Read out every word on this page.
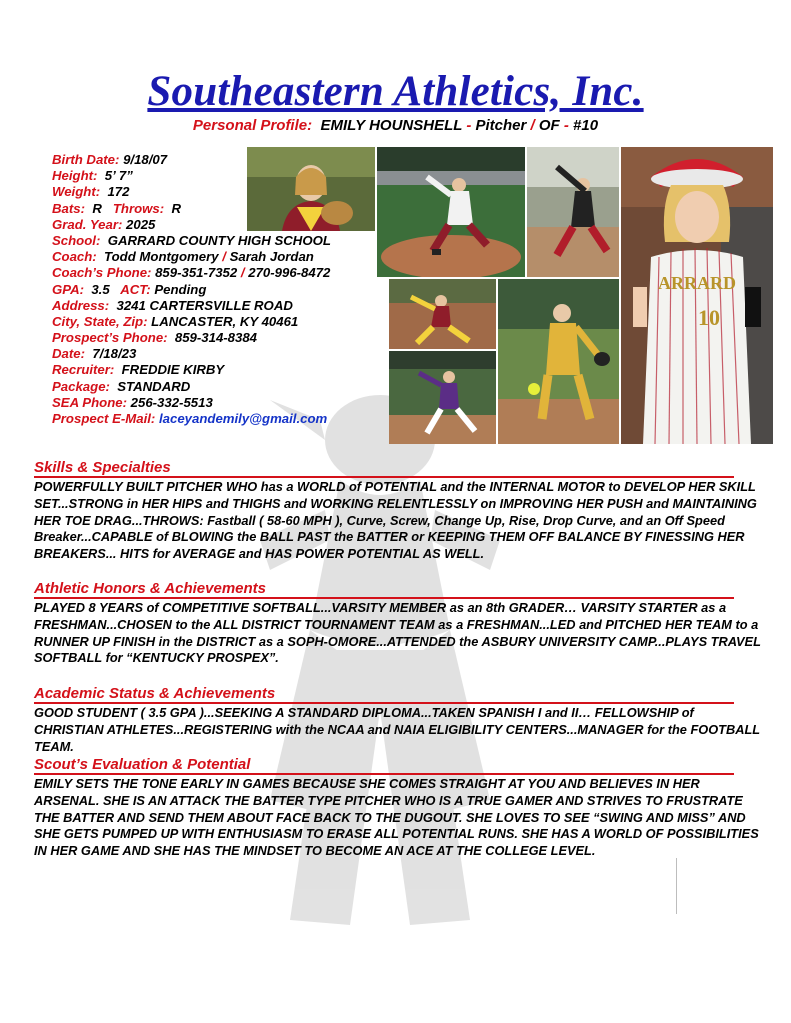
Southeastern Athletics, Inc.
Personal Profile: EMILY HOUNSHELL - Pitcher / OF - #10
Birth Date: 9/18/07
Height: 5’ 7”
Weight: 172
Bats: R Throws: R
Grad. Year: 2025
School: GARRARD COUNTY HIGH SCHOOL
Coach: Todd Montgomery / Sarah Jordan
Coach’s Phone: 859-351-7352 / 270-996-8472
GPA: 3.5 ACT: Pending
Address: 3241 CARTERSVILLE ROAD
City, State, Zip: LANCASTER, KY 40461
Prospect’s Phone: 859-314-8384
Date: 7/18/23
Recruiter: FREDDIE KIRBY
Package: STANDARD
SEA Phone: 256-332-5513
Prospect E-Mail: laceyandemily@gmail.com
ARRARD
10
Skills & Specialties
POWERFULLY BUILT PITCHER WHO has a WORLD of POTENTIAL and the INTERNAL MOTOR to DEVELOP HER SKILL SET...STRONG in HER HIPS and THIGHS and WORKING RELENTLESSLY on IMPROVING HER PUSH and MAINTAINING HER TOE DRAG...THROWS: Fastball ( 58-60 MPH ), Curve, Screw, Change Up, Rise, Drop Curve, and an Off Speed Breaker...CAPABLE of BLOWING the BALL PAST the BATTER or KEEPING THEM OFF BALANCE BY FINESSING HER BREAKERS... HITS for AVERAGE and HAS POWER POTENTIAL AS WELL.
Athletic Honors & Achievements
PLAYED 8 YEARS of COMPETITIVE SOFTBALL...VARSITY MEMBER as an 8th GRADER… VARSITY STARTER as a FRESHMAN...CHOSEN to the ALL DISTRICT TOURNAMENT TEAM as a FRESHMAN...LED and PITCHED HER TEAM to a RUNNER UP FINISH in the DISTRICT as a SOPH-OMORE...ATTENDED the ASBURY UNIVERSITY CAMP...PLAYS TRAVEL SOFTBALL for “KENTUCKY PROSPEX”.
Academic Status & Achievements
GOOD STUDENT ( 3.5 GPA )...SEEKING A STANDARD DIPLOMA...TAKEN SPANISH I and II… FELLOWSHIP of CHRISTIAN ATHLETES...REGISTERING with the NCAA and NAIA ELIGIBILITY CENTERS...MANAGER for the FOOTBALL TEAM.
Scout’s Evaluation & Potential
EMILY SETS THE TONE EARLY IN GAMES BECAUSE SHE COMES STRAIGHT AT YOU AND BELIEVES IN HER ARSENAL. SHE IS AN ATTACK THE BATTER TYPE PITCHER WHO IS A TRUE GAMER AND STRIVES TO FRUSTRATE THE BATTER AND SEND THEM ABOUT FACE BACK TO THE DUGOUT. SHE LOVES TO SEE “SWING AND MISS” AND SHE GETS PUMPED UP WITH ENTHUSIASM TO ERASE ALL POTENTIAL RUNS. SHE HAS A WORLD OF POSSIBILITIES IN HER GAME AND SHE HAS THE MINDSET TO BECOME AN ACE AT THE COLLEGE LEVEL.
